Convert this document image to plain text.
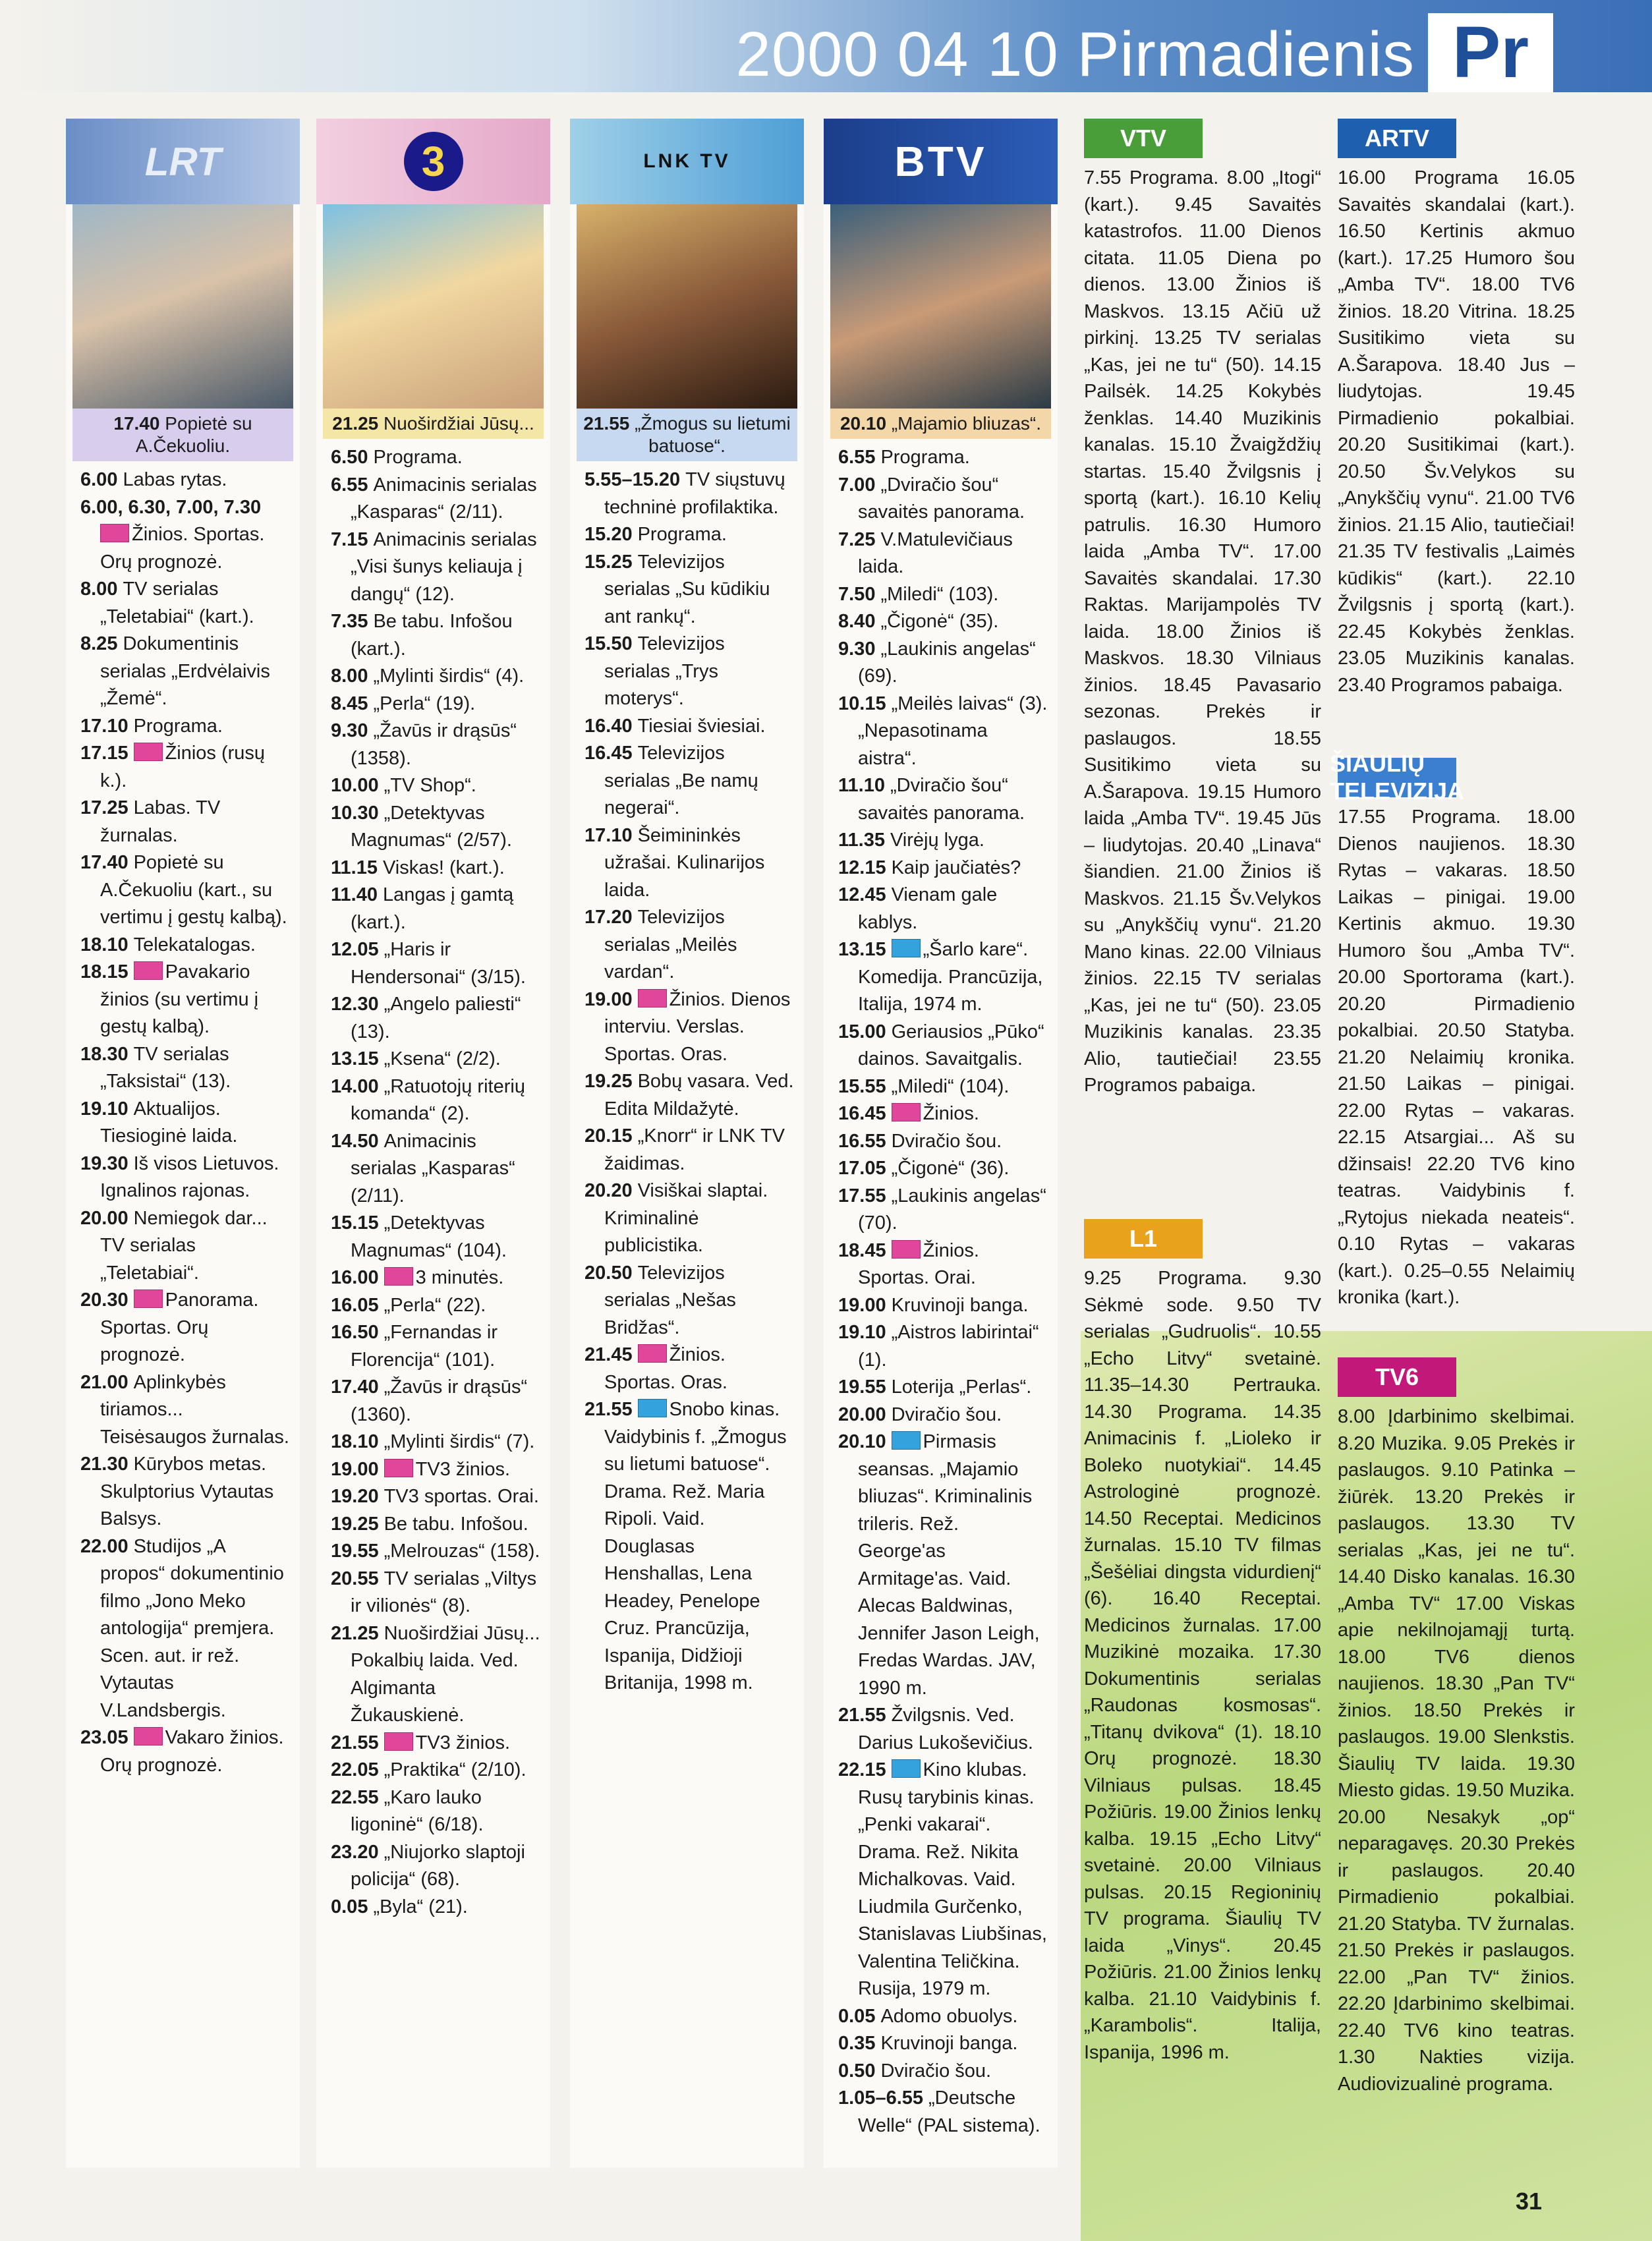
2000 04 10 Pirmadienis Pr
LRT
17.40 Popietė su A.Čekuoliu.
6.00 Labas rytas.
6.00, 6.30, 7.00, 7.30Žinios. Sportas. Orų prognozė.
8.00 TV serialas „Teletabiai“ (kart.).
8.25 Dokumentinis serialas „Erdvėlaivis „Žemė“.
17.10 Programa.
17.15 Žinios (rusų k.).
17.25 Labas. TV žurnalas.
17.40 Popietė su A.Čekuoliu (kart., su vertimu į gestų kalbą).
18.10 Telekatalogas.
18.15 Pavakario žinios (su vertimu į gestų kalbą).
18.30 TV serialas „Taksistai“ (13).
19.10 Aktualijos. Tiesioginė laida.
19.30 Iš visos Lietuvos. Ignalinos rajonas.
20.00 Nemiegok dar... TV serialas „Teletabiai“.
20.30 Panorama. Sportas. Orų prognozė.
21.00 Aplinkybės tiriamos... Teisėsaugos žurnalas.
21.30 Kūrybos metas. Skulptorius Vytautas Balsys.
22.00 Studijos „A propos“ dokumentinio filmo „Jono Meko antologija“ premjera. Scen. aut. ir rež. Vytautas V.Landsbergis.
23.05 Vakaro žinios. Orų prognozė.
3
21.25 Nuoširdžiai Jūsų...
6.50 Programa.
6.55 Animacinis serialas „Kasparas“ (2/11).
7.15 Animacinis serialas „Visi šunys keliauja į dangų“ (12).
7.35 Be tabu. Infošou (kart.).
8.00 „Mylinti širdis“ (4).
8.45 „Perla“ (19).
9.30 „Žavūs ir drąsūs“ (1358).
10.00 „TV Shop“.
10.30 „Detektyvas Magnumas“ (2/57).
11.15 Viskas! (kart.).
11.40 Langas į gamtą (kart.).
12.05 „Haris ir Hendersonai“ (3/15).
12.30 „Angelo paliesti“ (13).
13.15 „Ksena“ (2/2).
14.00 „Ratuotojų riterių komanda“ (2).
14.50 Animacinis serialas „Kasparas“ (2/11).
15.15 „Detektyvas Magnumas“ (104).
16.00 3 minutės.
16.05 „Perla“ (22).
16.50 „Fernandas ir Florencija“ (101).
17.40 „Žavūs ir drąsūs“ (1360).
18.10 „Mylinti širdis“ (7).
19.00 TV3 žinios.
19.20 TV3 sportas. Orai.
19.25 Be tabu. Infošou.
19.55 „Melrouzas“ (158).
20.55 TV serialas „Viltys ir vilionės“ (8).
21.25 Nuoširdžiai Jūsų... Pokalbių laida. Ved. Algimanta Žukauskienė.
21.55 TV3 žinios.
22.05 „Praktika“ (2/10).
22.55 „Karo lauko ligoninė“ (6/18).
23.20 „Niujorko slaptoji policija“ (68).
0.05 „Byla“ (21).
LNK TV
21.55 „Žmogus su lietumi batuose“.
5.55–15.20 TV siųstuvų techninė profilaktika.
15.20 Programa.
15.25 Televizijos serialas „Su kūdikiu ant rankų“.
15.50 Televizijos serialas „Trys moterys“.
16.40 Tiesiai šviesiai.
16.45 Televizijos serialas „Be namų negerai“.
17.10 Šeimininkės užrašai. Kulinarijos laida.
17.20 Televizijos serialas „Meilės vardan“.
19.00 Žinios. Dienos interviu. Verslas. Sportas. Oras.
19.25 Bobų vasara. Ved. Edita Mildažytė.
20.15 „Knorr“ ir LNK TV žaidimas.
20.20 Visiškai slaptai. Kriminalinė publicistika.
20.50 Televizijos serialas „Nešas Bridžas“.
21.45 Žinios. Sportas. Oras.
21.55 Snobo kinas. Vaidybinis f. „Žmogus su lietumi batuose“. Drama. Rež. Maria Ripoli. Vaid. Douglasas Henshallas, Lena Headey, Penelope Cruz. Prancūzija, Ispanija, Didžioji Britanija, 1998 m.
BTV
20.10 „Majamio bliuzas“.
6.55 Programa.
7.00 „Dviračio šou“ savaitės panorama.
7.25 V.Matulevičiaus laida.
7.50 „Miledi“ (103).
8.40 „Čigonė“ (35).
9.30 „Laukinis angelas“ (69).
10.15 „Meilės laivas“ (3). „Nepasotinama aistra“.
11.10 „Dviračio šou“ savaitės panorama.
11.35 Virėjų lyga.
12.15 Kaip jaučiatės?
12.45 Vienam gale kablys.
13.15 „Šarlo kare“. Komedija. Prancūzija, Italija, 1974 m.
15.00 Geriausios „Pūko“ dainos. Savaitgalis.
15.55 „Miledi“ (104).
16.45 Žinios.
16.55 Dviračio šou.
17.05 „Čigonė“ (36).
17.55 „Laukinis angelas“ (70).
18.45 Žinios. Sportas. Orai.
19.00 Kruvinoji banga.
19.10 „Aistros labirintai“ (1).
19.55 Loterija „Perlas“.
20.00 Dviračio šou.
20.10 Pirmasis seansas. „Majamio bliuzas“. Kriminalinis trileris. Rež. George'as Armitage'as. Vaid. Alecas Baldwinas, Jennifer Jason Leigh, Fredas Wardas. JAV, 1990 m.
21.55 Žvilgsnis. Ved. Darius Lukoševičius.
22.15 Kino klubas. Rusų tarybinis kinas. „Penki vakarai“. Drama. Rež. Nikita Michalkovas. Vaid. Liudmila Gurčenko, Stanislavas Liubšinas, Valentina Teličkina. Rusija, 1979 m.
0.05 Adomo obuolys.
0.35 Kruvinoji banga.
0.50 Dviračio šou.
1.05–6.55 „Deutsche Welle“ (PAL sistema).
VTV
7.55 Programa. 8.00 „Itogi“ (kart.). 9.45 Savaitės katastrofos. 11.00 Dienos citata. 11.05 Diena po dienos. 13.00 Žinios iš Maskvos. 13.15 Ačiū už pirkinį. 13.25 TV serialas „Kas, jei ne tu“ (50). 14.15 Pailsėk. 14.25 Kokybės ženklas. 14.40 Muzikinis kanalas. 15.10 Žvaigždžių startas. 15.40 Žvilgsnis į sportą (kart.). 16.10 Kelių patrulis. 16.30 Humoro laida „Amba TV“. 17.00 Savaitės skandalai. 17.30 Raktas. Marijampolės TV laida. 18.00 Žinios iš Maskvos. 18.30 Vilniaus žinios. 18.45 Pavasario sezonas. Prekės ir paslaugos. 18.55 Susitikimo vieta su A.Šarapova. 19.15 Humoro laida „Amba TV“. 19.45 Jūs – liudytojas. 20.40 „Linava“ šiandien. 21.00 Žinios iš Maskvos. 21.15 Šv.Velykos su „Anykščių vynu“. 21.20 Mano kinas. 22.00 Vilniaus žinios. 22.15 TV serialas „Kas, jei ne tu“ (50). 23.05 Muzikinis kanalas. 23.35 Alio, tautiečiai! 23.55 Programos pabaiga.
ARTV
16.00 Programa 16.05 Savaitės skandalai (kart.). 16.50 Kertinis akmuo (kart.). 17.25 Humoro šou „Amba TV“. 18.00 TV6 žinios. 18.20 Vitrina. 18.25 Susitikimo vieta su A.Šarapova. 18.40 Jus – liudytojas. 19.45 Pirmadienio pokalbiai. 20.20 Susitikimai (kart.). 20.50 Šv.Velykos su „Anykščių vynu“. 21.00 TV6 žinios. 21.15 Alio, tautiečiai! 21.35 TV festivalis „Laimės kūdikis“ (kart.). 22.10 Žvilgsnis į sportą (kart.). 22.45 Kokybės ženklas. 23.05 Muzikinis kanalas. 23.40 Programos pabaiga.
ŠIAULIŲ TELEVIZIJA
17.55 Programa. 18.00 Dienos naujienos. 18.30 Rytas – vakaras. 18.50 Laikas – pinigai. 19.00 Kertinis akmuo. 19.30 Humoro šou „Amba TV“. 20.00 Sportorama (kart.). 20.20 Pirmadienio pokalbiai. 20.50 Statyba. 21.20 Nelaimių kronika. 21.50 Laikas – pinigai. 22.00 Rytas – vakaras. 22.15 Atsargiai... Aš su džinsais! 22.20 TV6 kino teatras. Vaidybinis f. „Rytojus niekada neateis“. 0.10 Rytas – vakaras (kart.). 0.25–0.55 Nelaimių kronika (kart.).
L1
9.25 Programa. 9.30 Sėkmė sode. 9.50 TV serialas „Gudruolis“. 10.55 „Echo Litvy“ svetainė. 11.35–14.30 Pertrauka. 14.30 Programa. 14.35 Animacinis f. „Lioleko ir Boleko nuotykiai“. 14.45 Astrologinė prognozė. 14.50 Receptai. Medicinos žurnalas. 15.10 TV filmas „Šešėliai dingsta vidurdienį“ (6). 16.40 Receptai. Medicinos žurnalas. 17.00 Muzikinė mozaika. 17.30 Dokumentinis serialas „Raudonas kosmosas“. „Titanų dvikova“ (1). 18.10 Orų prognozė. 18.30 Vilniaus pulsas. 18.45 Požiūris. 19.00 Žinios lenkų kalba. 19.15 „Echo Litvy“ svetainė. 20.00 Vilniaus pulsas. 20.15 Regioninių TV programa. Šiaulių TV laida „Vinys“. 20.45 Požiūris. 21.00 Žinios lenkų kalba. 21.10 Vaidybinis f. „Karambolis“. Italija, Ispanija, 1996 m.
TV6
8.00 Įdarbinimo skelbimai. 8.20 Muzika. 9.05 Prekės ir paslaugos. 9.10 Patinka – žiūrėk. 13.20 Prekės ir paslaugos. 13.30 TV serialas „Kas, jei ne tu“. 14.40 Disko kanalas. 16.30 „Amba TV“ 17.00 Viskas apie nekilnojamąjį turtą. 18.00 TV6 dienos naujienos. 18.30 „Pan TV“ žinios. 18.50 Prekės ir paslaugos. 19.00 Slenkstis. Šiaulių TV laida. 19.30 Miesto gidas. 19.50 Muzika. 20.00 Nesakyk „op“ neparagavęs. 20.30 Prekės ir paslaugos. 20.40 Pirmadienio pokalbiai. 21.20 Statyba. TV žurnalas. 21.50 Prekės ir paslaugos. 22.00 „Pan TV“ žinios. 22.20 Įdarbinimo skelbimai. 22.40 TV6 kino teatras. 1.30 Nakties vizija. Audiovizualinė programa.
31
